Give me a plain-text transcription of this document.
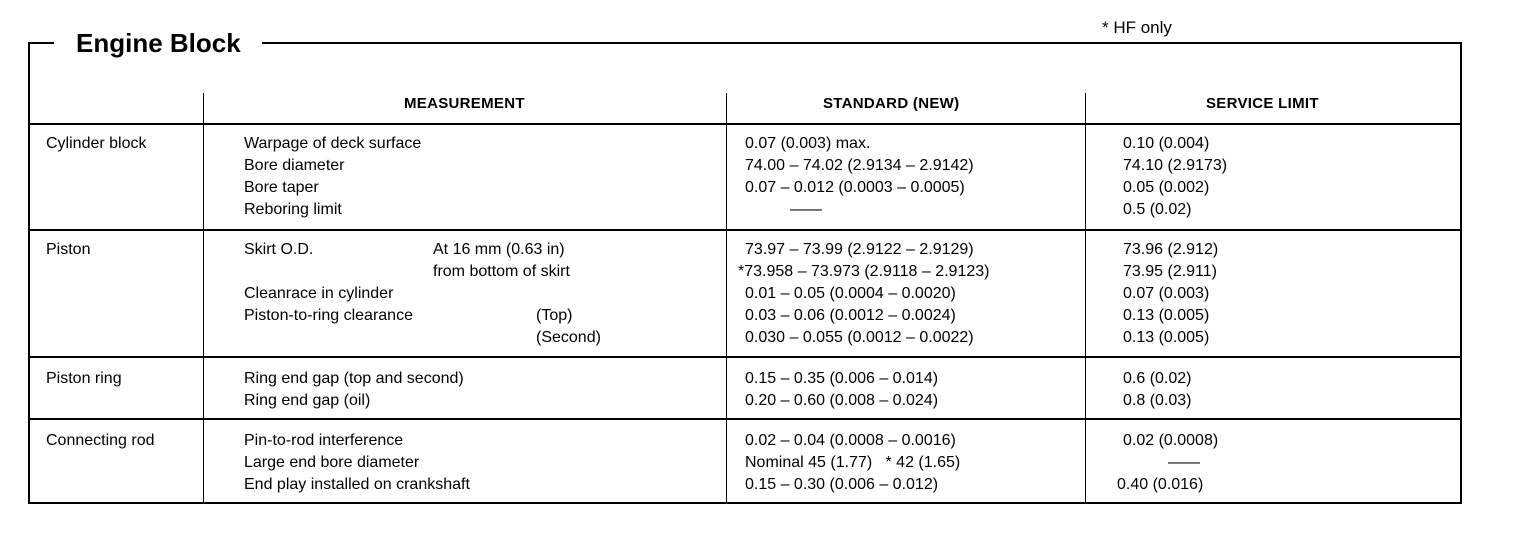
Engine Block
* HF only
MEASUREMENT	STANDARD (NEW)	SERVICE LIMIT
Cylinder block	Warpage of deck surface	0.07 (0.003) max.	0.10 (0.004)
Bore diameter	74.00 – 74.02 (2.9134 – 2.9142)	74.10 (2.9173)
Bore taper	0.07 – 0.012 (0.0003 – 0.0005)	0.05 (0.002)
Reboring limit	——	0.5 (0.02)
Piston	Skirt O.D.	At 16 mm (0.63 in)	73.97 – 73.99 (2.9122 – 2.9129)	73.96 (2.912)
from bottom of skirt	*73.958 – 73.973 (2.9118 – 2.9123)	73.95 (2.911)
Cleanrace in cylinder	0.01 – 0.05 (0.0004 – 0.0020)	0.07 (0.003)
Piston-to-ring clearance	(Top)	0.03 – 0.06 (0.0012 – 0.0024)	0.13 (0.005)
(Second)	0.030 – 0.055 (0.0012 – 0.0022)	0.13 (0.005)
Piston ring	Ring end gap (top and second)	0.15 – 0.35 (0.006 – 0.014)	0.6 (0.02)
Ring end gap (oil)	0.20 – 0.60 (0.008 – 0.024)	0.8 (0.03)
Connecting rod	Pin-to-rod interference	0.02 – 0.04 (0.0008 – 0.0016)	0.02 (0.0008)
Large end bore diameter	Nominal 45 (1.77)   * 42 (1.65)	——
End play installed on crankshaft	0.15 – 0.30 (0.006 – 0.012)	0.40 (0.016)
